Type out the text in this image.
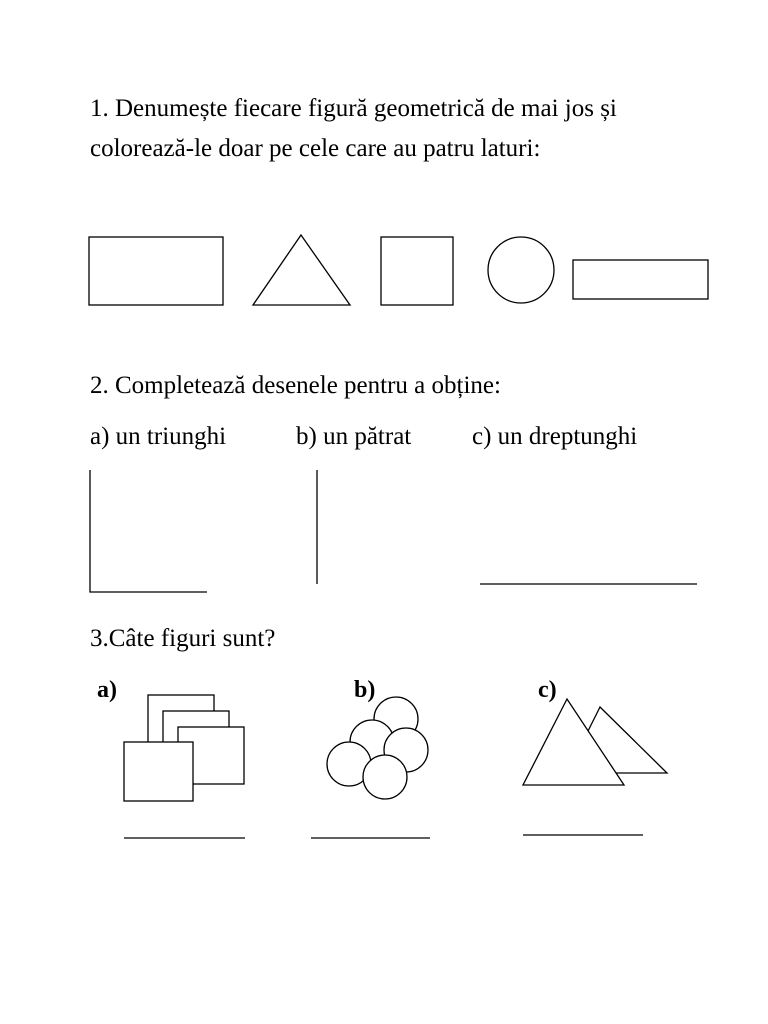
1. Denumește fiecare figură geometrică de mai jos și
colorează-le doar pe cele care au patru laturi:
2. Completează desenele pentru a obține:
a) un triunghi	b) un pătrat c) un dreptunghi
3.Câte figuri sunt?
a)	b)	c)
